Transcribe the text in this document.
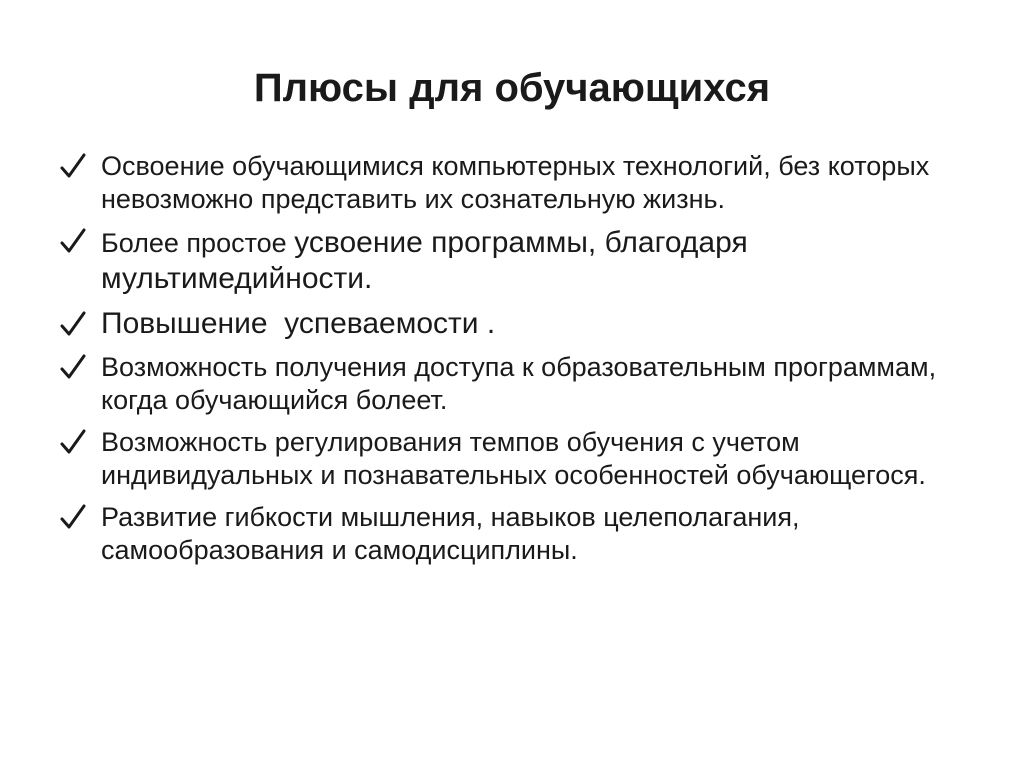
Плюсы для обучающихся
Освоение обучающимися компьютерных технологий, без которых невозможно представить их сознательную жизнь.
Более простое усвоение программы, благодаря мультимедийности.
Повышение  успеваемости .
Возможность получения доступа к образовательным программам, когда обучающийся болеет.
Возможность регулирования темпов обучения с учетом индивидуальных и познавательных особенностей обучающегося.
Развитие гибкости мышления, навыков целеполагания, самообразования и самодисциплины.
